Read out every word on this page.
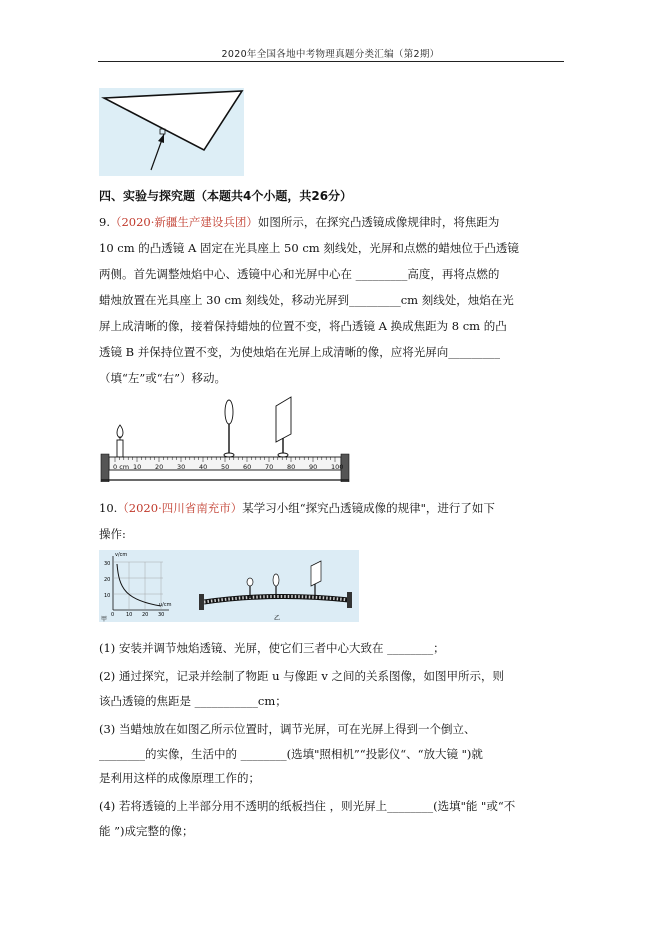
2020年全国各地中考物理真题分类汇编（第2期）
四、实验与探究题（本题共4个小题，共26分）
9.（2020·新疆生产建设兵团）如图所示，在探究凸透镜成像规律时，将焦距为
10 cm 的凸透镜 A 固定在光具座上 50 cm 刻线处，光屏和点燃的蜡烛位于凸透镜
两侧。首先调整烛焰中心、透镜中心和光屏中心在 _________高度，再将点燃的
蜡烛放置在光具座上 30 cm 刻线处，移动光屏到_________cm 刻线处，烛焰在光
屏上成清晰的像，接着保持蜡烛的位置不变，将凸透镜 A 换成焦距为 8 cm 的凸
透镜 B 并保持位置不变，为使烛焰在光屏上成清晰的像，应将光屏向_________
（填“左”或“右”）移动。
0 cm 10 20 30 40 50 60 70 80 90 100
10.（2020·四川省南充市）某学习小组“探究凸透镜成像的规律"，进行了如下
操作:
v/cm
u/cm
30
20
10
0 10 20 30
甲	乙
(1) 安装并调节烛焰透镜、光屏，使它们三者中心大致在 ________；
(2) 通过探究，记录并绘制了物距 u 与像距 v 之间的关系图像，如图甲所示，则
该凸透镜的焦距是 ___________cm；
(3) 当蜡烛放在如图乙所示位置时，调节光屏，可在光屏上得到一个倒立、
________的实像，生活中的 ________(选填"照相机”“投影仪“、“放大镜 ")就
是利用这样的成像原理工作的；
(4) 若将透镜的上半部分用不透明的纸板挡住 ，则光屏上________(选填"能 "或“不
能 ”)成完整的像；
